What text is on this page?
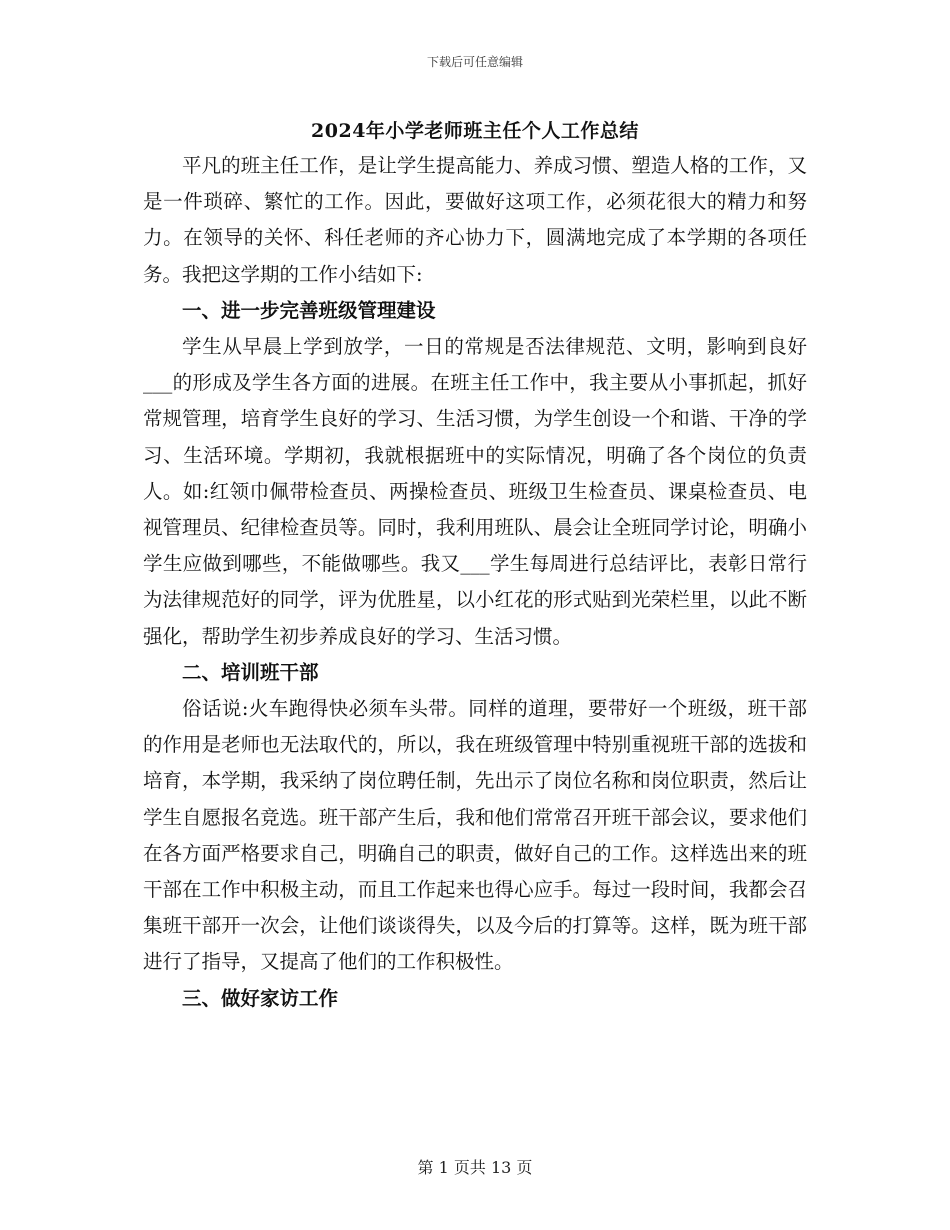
下载后可任意编辑
2024年小学老师班主任个人工作总结

平凡的班主任工作，是让学生提高能力、养成习惯、塑造人格的工作，又是一件琐碎、繁忙的工作。因此，要做好这项工作，必须花很大的精力和努力。在领导的关怀、科任老师的齐心协力下，圆满地完成了本学期的各项任务。我把这学期的工作小结如下:

一、进一步完善班级管理建设

学生从早晨上学到放学，一日的常规是否法律规范、文明，影响到良好___的形成及学生各方面的进展。在班主任工作中，我主要从小事抓起，抓好常规管理，培育学生良好的学习、生活习惯，为学生创设一个和谐、干净的学习、生活环境。学期初，我就根据班中的实际情况，明确了各个岗位的负责人。如:红领巾佩带检查员、两操检查员、班级卫生检查员、课桌检查员、电视管理员、纪律检查员等。同时，我利用班队、晨会让全班同学讨论，明确小学生应做到哪些，不能做哪些。我又___学生每周进行总结评比，表彰日常行为法律规范好的同学，评为优胜星，以小红花的形式贴到光荣栏里，以此不断强化，帮助学生初步养成良好的学习、生活习惯。

二、培训班干部

俗话说:火车跑得快必须车头带。同样的道理，要带好一个班级，班干部的作用是老师也无法取代的，所以，我在班级管理中特别重视班干部的选拔和培育，本学期，我采纳了岗位聘任制，先出示了岗位名称和岗位职责，然后让学生自愿报名竞选。班干部产生后，我和他们常常召开班干部会议，要求他们在各方面严格要求自己，明确自己的职责，做好自己的工作。这样选出来的班干部在工作中积极主动，而且工作起来也得心应手。每过一段时间，我都会召集班干部开一次会，让他们谈谈得失，以及今后的打算等。这样，既为班干部进行了指导，又提高了他们的工作积极性。

三、做好家访工作
第 1 页共 13 页
